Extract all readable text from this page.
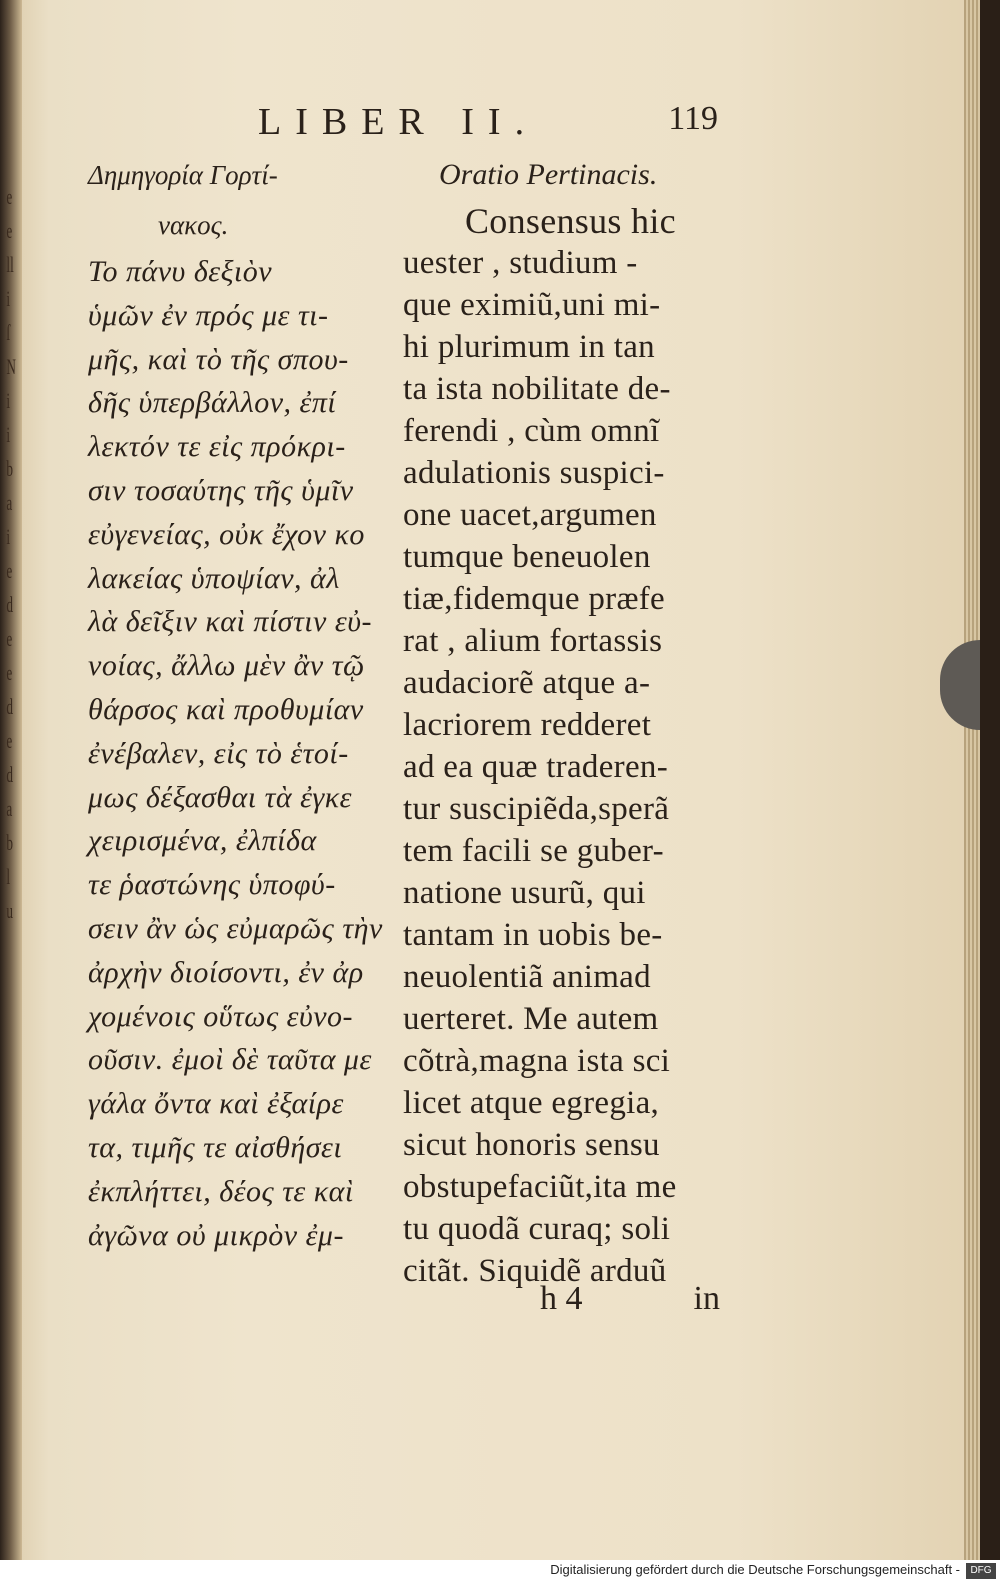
e
e
ll
i
ſ
N
i
i
b
a
i
e
d
e
e
d
e
d
a
b
l
u
LIBER II.	119
Δημηγορία Γορτί-
νακος.
Το πάνυ δεξιὸν
ὑμῶν ἐν πρός με τι-
μῆς, καὶ τὸ τῆς σπου-
δῆς ὑπερβάλλον, ἐπί
λεκτόν τε εἰς πρόκρι-
σιν τοσαύτης τῆς ὑμῖν
εὐγενείας, οὐκ ἔχον κο
λακείας ὑποψίαν, ἀλ
λὰ δεῖξιν καὶ πίστιν εὐ-
νοίας, ἄλλω μὲν ἂν τῷ
θάρσος καὶ προθυμίαν
ἐνέβαλεν, εἰς τὸ ἑτοί-
μως δέξασθαι τὰ ἐγκε
χειρισμένα, ἐλπίδα
τε ῥαστώνης ὑποφύ-
σειν ἂν ὡς εὐμαρῶς τὴν
ἀρχὴν διοίσοντι, ἐν ἀρ
χομένοις οὕτως εὐνο-
οῦσιν. ἐμοὶ δὲ ταῦτα με
γάλα ὄντα καὶ ἐξαίρε
τα, τιμῆς τε αἰσθήσει
ἐκπλήττει, δέος τε καὶ
ἀγῶνα οὐ μικρὸν ἐμ-
Oratio Pertinacis.
Consensus hic
uester , studium -
que eximiũ,uni mi-
hi plurimum in tan
ta ista nobilitate de-
ferendi , cùm omnĩ
adulationis suspici-
one uacet,argumen
tumque beneuolen
tiæ,fidemque præfe
rat , alium fortassis
audaciorẽ atque a-
lacriorem redderet
ad ea quæ traderen-
tur suscipiẽda,sperã
tem facili se guber-
natione usurũ, qui
tantam in uobis be-
neuolentiã animad
uerteret. Me autem
cõtrà,magna ista sci
licet atque egregia,
sicut honoris sensu
obstupefaciũt,ita me
tu quodã curaq; soli
citãt. Siquidẽ arduũ
h 4	in
Digitalisierung gefördert durch die Deutsche Forschungsgemeinschaft -	DFG
